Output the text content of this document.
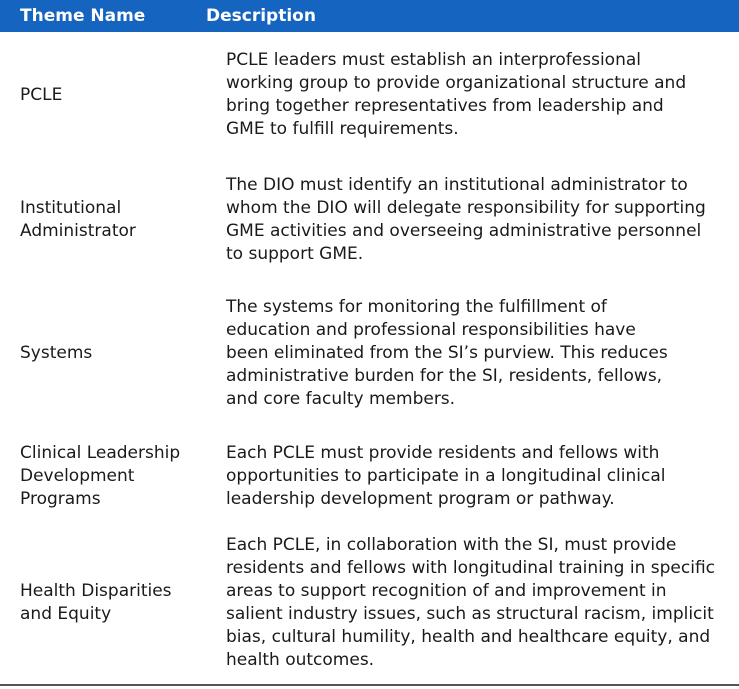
Theme Name	Description
PCLE
PCLE leaders must establish an interprofessional
working group to provide organizational structure and
bring together representatives from leadership and
GME to fulfill requirements.
Institutional
Administrator
The DIO must identify an institutional administrator to
whom the DIO will delegate responsibility for supporting
GME activities and overseeing administrative personnel
to support GME.
Systems
The systems for monitoring the fulfillment of
education and professional responsibilities have
been eliminated from the SI’s purview. This reduces
administrative burden for the SI, residents, fellows,
and core faculty members.
Clinical Leadership
Development
Programs
Each PCLE must provide residents and fellows with
opportunities to participate in a longitudinal clinical
leadership development program or pathway.
Health Disparities
and Equity
Each PCLE, in collaboration with the SI, must provide
residents and fellows with longitudinal training in specific
areas to support recognition of and improvement in
salient industry issues, such as structural racism, implicit
bias, cultural humility, health and healthcare equity, and
health outcomes.
